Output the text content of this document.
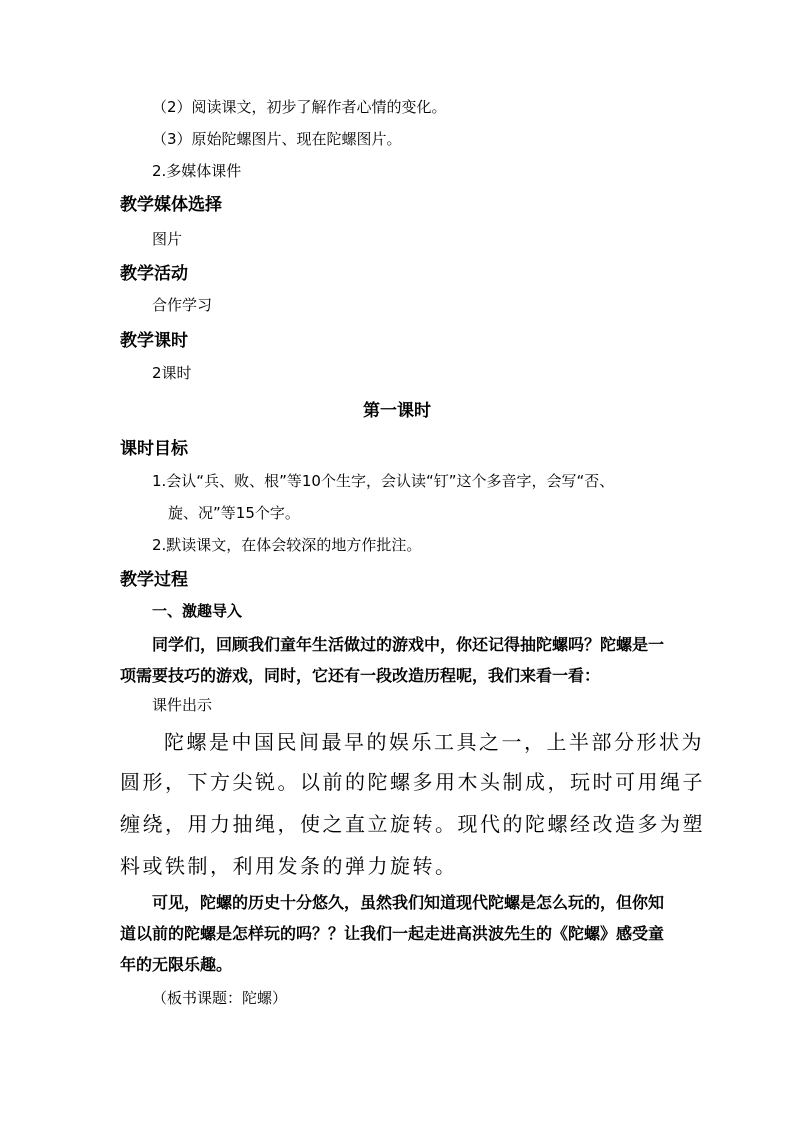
（2）阅读课文，初步了解作者心情的变化。
（3）原始陀螺图片、现在陀螺图片。
2.多媒体课件
教学媒体选择
图片
教学活动
合作学习
教学课时
2课时
第一课时
课时目标
1.会认“兵、败、根”等10个生字，会认读“钉”这个多音字，会写“否、
旋、况”等15个字。
2.默读课文，在体会较深的地方作批注。
教学过程
一、激趣导入
同学们，回顾我们童年生活做过的游戏中，你还记得抽陀螺吗？陀螺是一
项需要技巧的游戏，同时，它还有一段改造历程呢，我们来看一看：
课件出示
陀螺是中国民间最早的娱乐工具之一，上半部分形状为
圆形，下方尖锐。以前的陀螺多用木头制成，玩时可用绳子
缠绕，用力抽绳，使之直立旋转。现代的陀螺经改造多为塑
料或铁制，利用发条的弹力旋转。
可见，陀螺的历史十分悠久，虽然我们知道现代陀螺是怎么玩的，但你知
道以前的陀螺是怎样玩的吗？？让我们一起走进高洪波先生的《陀螺》感受童
年的无限乐趣。
（板书课题：陀螺）
